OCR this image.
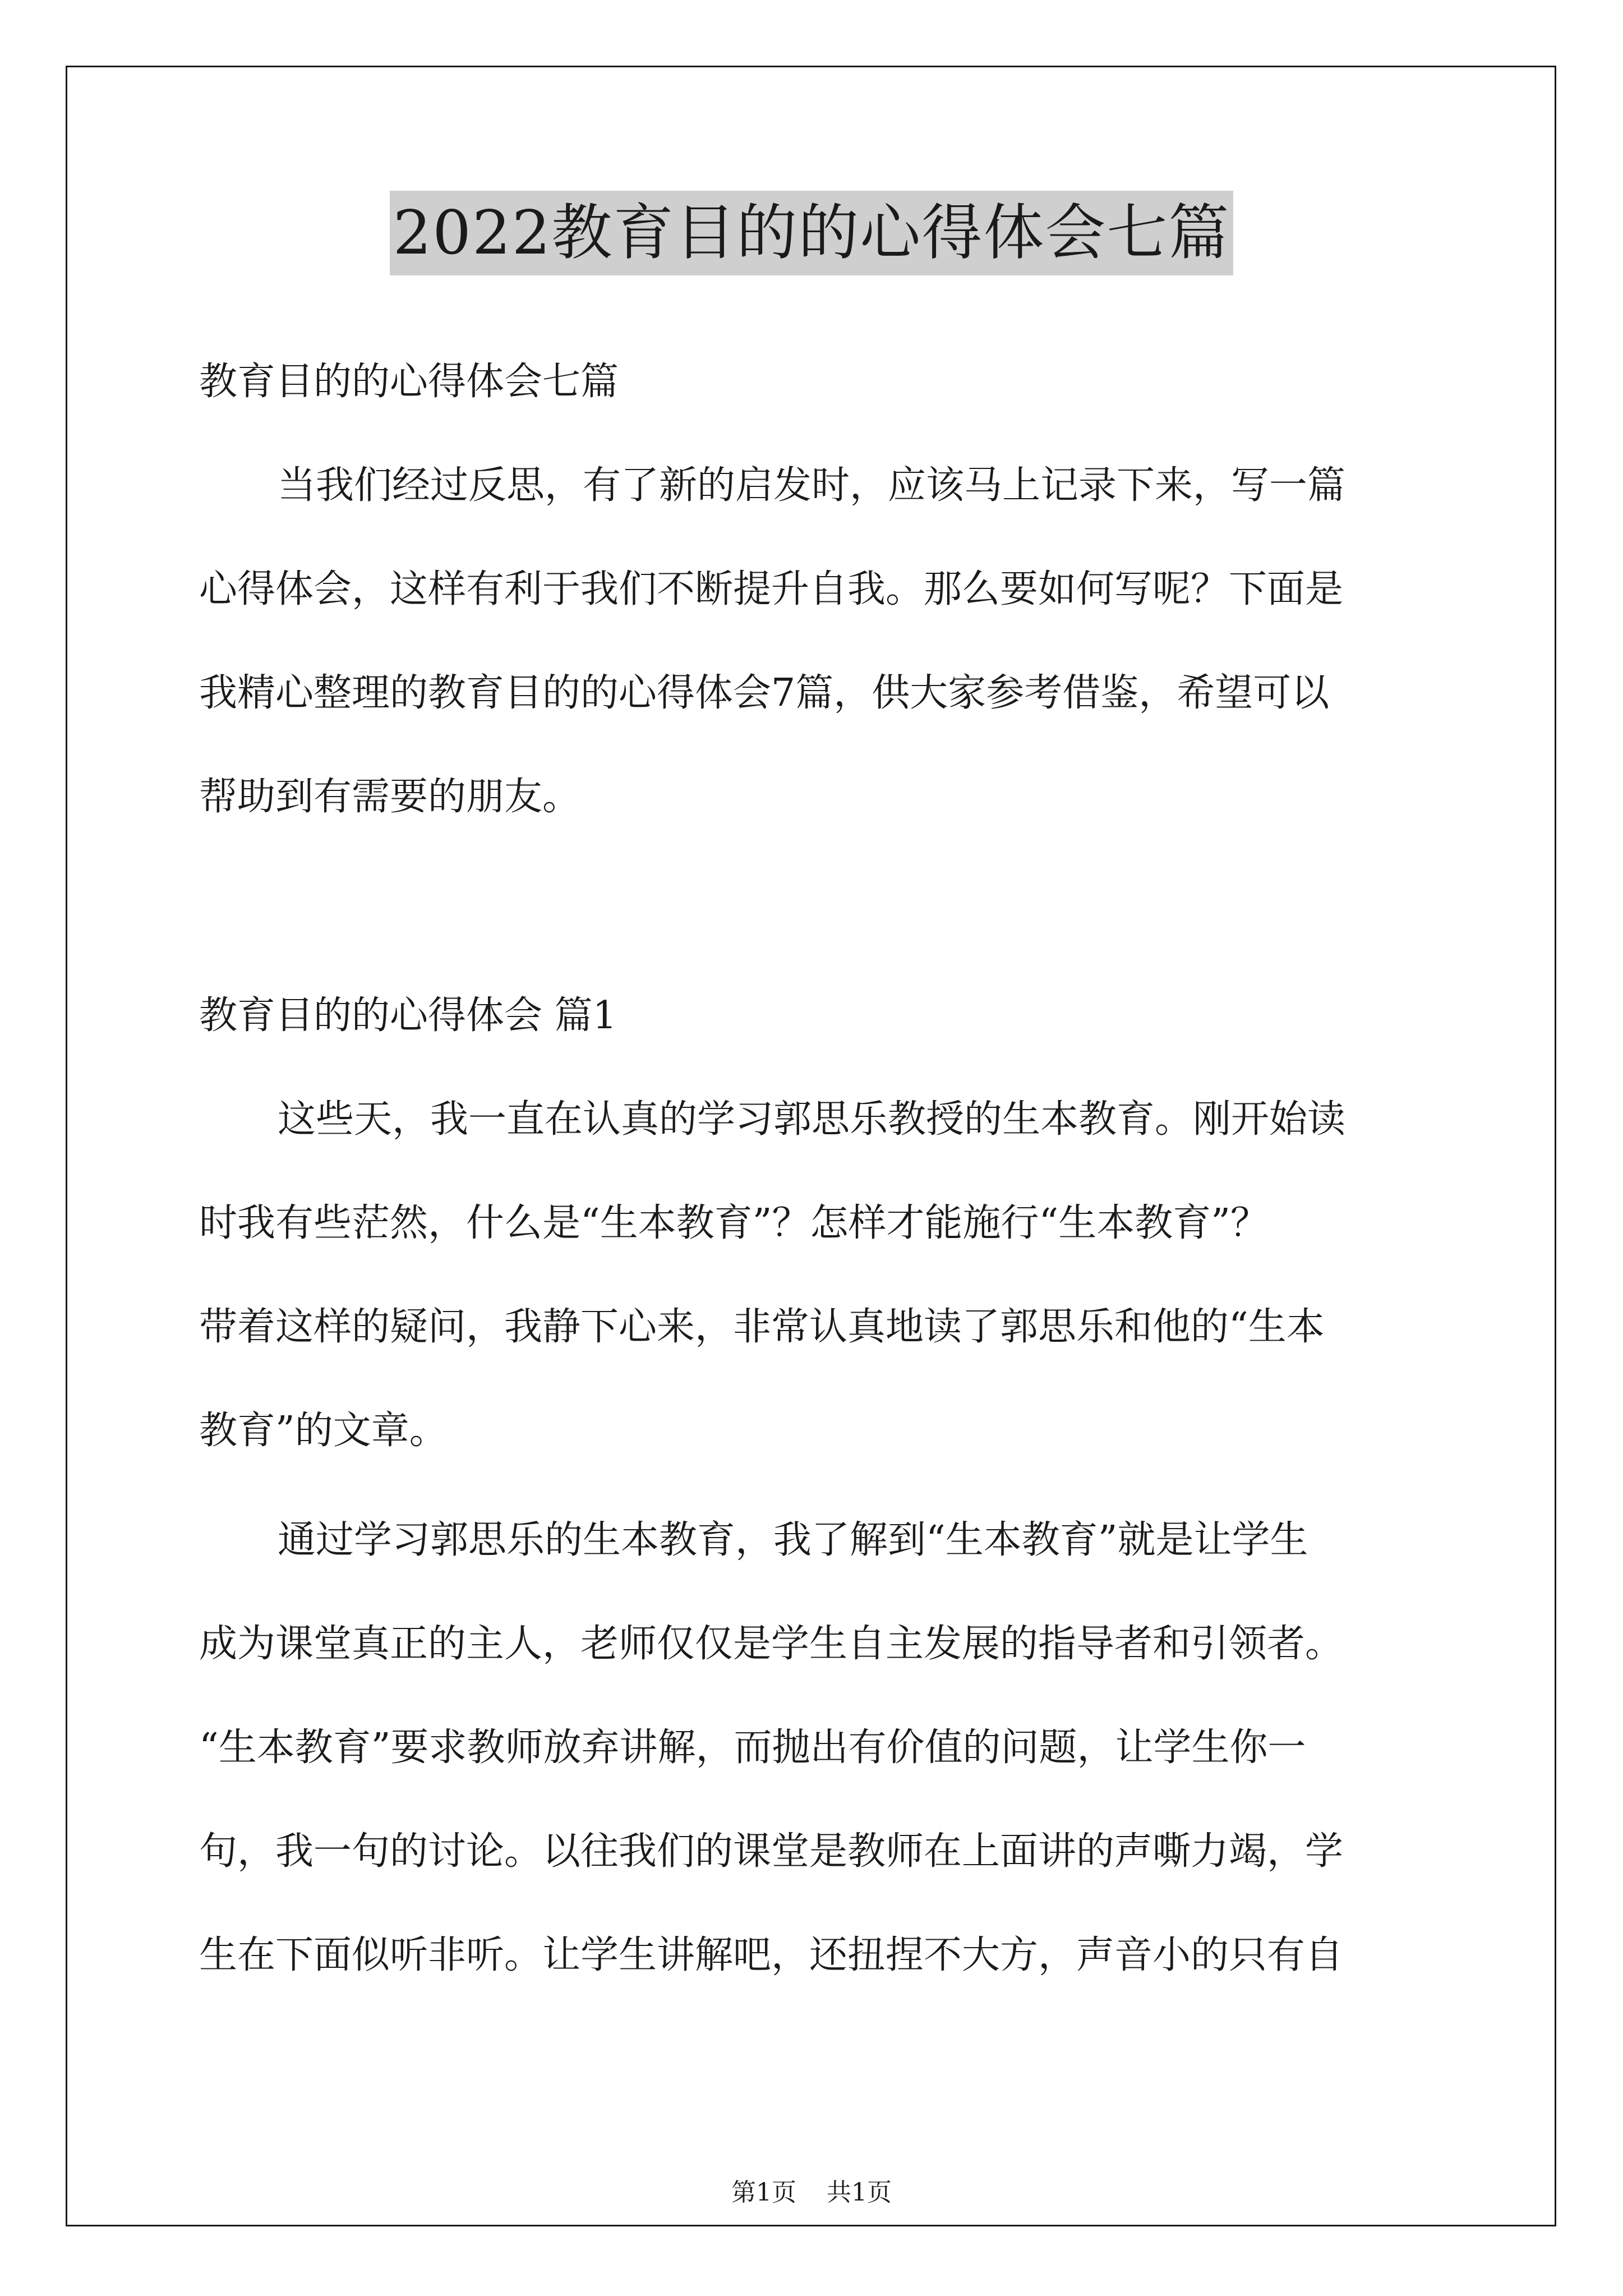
2022教育目的的心得体会七篇
教育目的的心得体会七篇
当我们经过反思，有了新的启发时，应该马上记录下来，写一篇
心得体会，这样有利于我们不断提升自我。那么要如何写呢？下面是
我精心整理的教育目的的心得体会7篇，供大家参考借鉴，希望可以
帮助到有需要的朋友。
教育目的的心得体会 篇1
这些天，我一直在认真的学习郭思乐教授的生本教育。刚开始读
时我有些茫然，什么是“生本教育”？怎样才能施行“生本教育”？
带着这样的疑问，我静下心来，非常认真地读了郭思乐和他的“生本
教育”的文章。
通过学习郭思乐的生本教育，我了解到“生本教育”就是让学生
成为课堂真正的主人，老师仅仅是学生自主发展的指导者和引领者。
“生本教育”要求教师放弃讲解，而抛出有价值的问题，让学生你一
句，我一句的讨论。以往我们的课堂是教师在上面讲的声嘶力竭，学
生在下面似听非听。让学生讲解吧，还扭捏不大方，声音小的只有自
第1页 共1页
